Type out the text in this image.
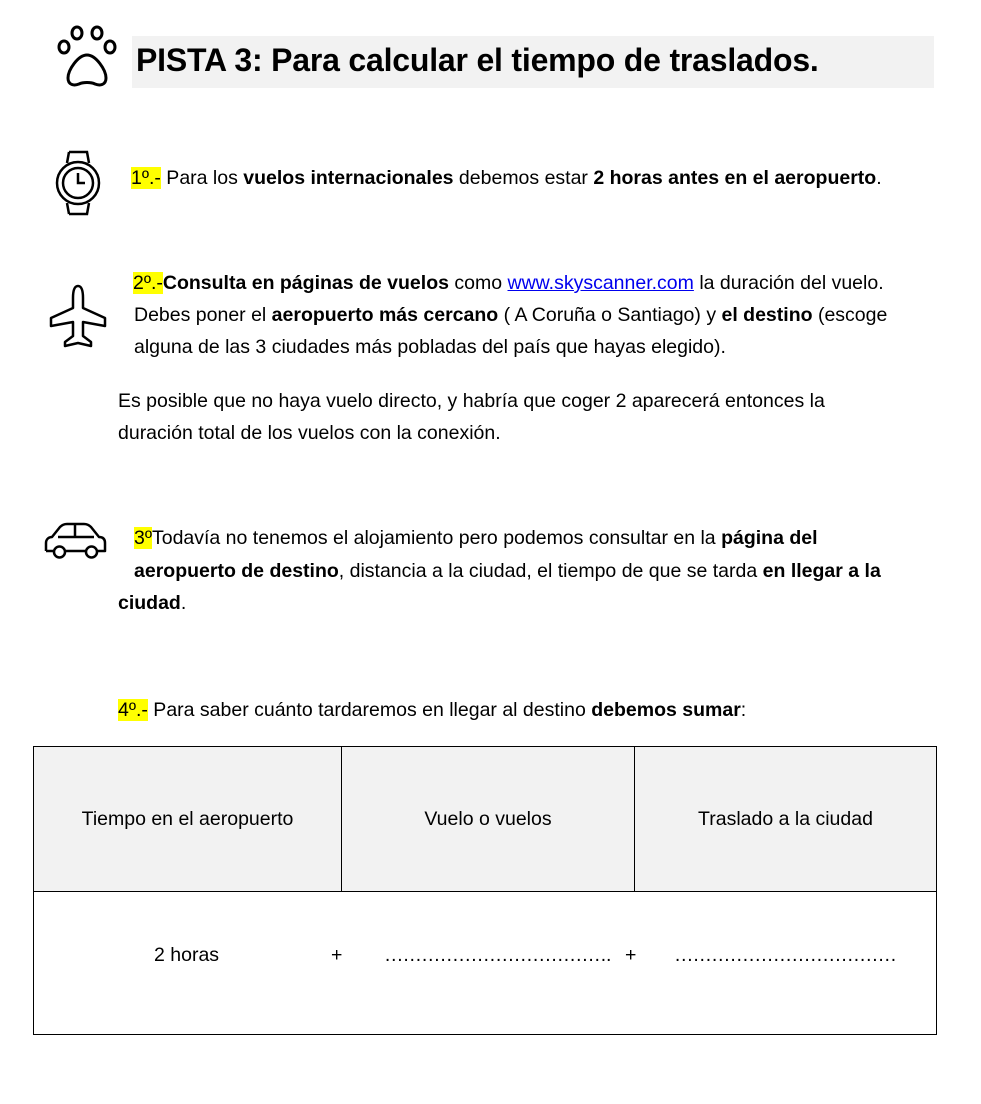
PISTA 3: Para calcular el tiempo de traslados.
1º.- Para los vuelos internacionales debemos estar 2 horas antes en el aeropuerto.
2º.-Consulta en páginas de vuelos como www.skyscanner.com la duración del vuelo.
Debes poner el aeropuerto más cercano ( A Coruña o Santiago) y el destino (escoge
alguna de las 3 ciudades más pobladas del país que hayas elegido).
Es posible que no haya vuelo directo, y habría que coger 2 aparecerá entonces la
duración total de los vuelos con la conexión.
3ºTodavía no tenemos el alojamiento pero podemos consultar en la página del
aeropuerto de destino, distancia a la ciudad, el tiempo de que se tarda en llegar a la
ciudad.
4º.- Para saber cuánto tardaremos en llegar al destino debemos sumar:
Tiempo en el aeropuerto	Vuelo o vuelos	Traslado a la ciudad

2 horas	+ ………………………………. + ………………………………
